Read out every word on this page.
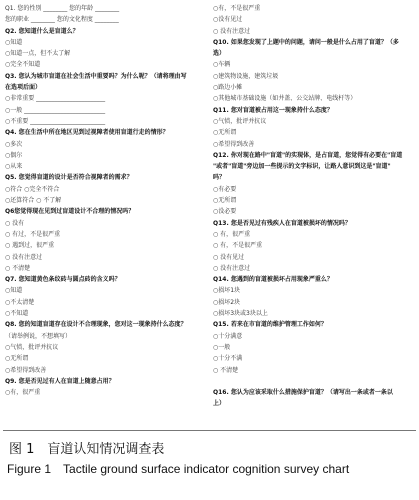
Q1. 您的性别 ________ 您的年龄 ________
您的职业 ________ 您的文化程度 ________
Q2. 您知道什么是盲道么？
○知道
○知道一点，但不太了解
○完全不知道
Q3. 您认为城市盲道在社会生活中重要吗？为什么呢？（请将理由写
在选项后面）
○非常重要 _______________________
○一般 ___________________________
○不重要 _________________________
Q4. 您在生活中所在地区见到过视障者使用盲道行走的情形？
○多次
○偶尔
○从来
Q5. 您觉得盲道的设计是否符合视障者的需求？
○符合 ○完全不符合
○还算符合 ○ 不了解
Q6您觉得现在见到过盲道设计不合理的情况吗？
○ 没有
○ 有过，不是很严重
○ 遇到过，很严重
○ 没有注意过
○ 不清楚
Q7. 您知道黄色条纹砖与圆点砖的含义吗？
○知道
○不太清楚
○不知道
Q8. 您的知道盲道存在设计不合理现象，您对这一现象持什么态度？
（请举例说，不想填写）
○气愤，批评并抗议
○无所谓
○希望得到改善
Q9. 您是否见过有人在盲道上随意占用？
○有，很严重
○有，不是很严重
○没有见过
○ 没有注意过
Q10. 如果您发现了上题中的问题，请问一般是什么占用了盲道？（多
选）
○车辆
○建筑物设施，建筑垃圾
○路边小摊
○其他城市基础设施（如井盖、公交站牌、电线杆等）
Q11. 您对盲道被占用这一现象持什么态度？
○气愤，批评并抗议
○无所谓
○希望得到改善
Q12. 你对现在路中"盲道"的实现体，是占盲道，您觉得有必要在"盲道
"或者"盲道"旁边加一些提示的文字标识，让路人意识到这是"盲道"
吗？
○有必要
○无所谓
○没必要
Q13. 您是否见过有残疾人在盲道被损坏的情况吗？
○ 有，很严重
○ 有，不是很严重
○ 没有见过
○ 没有注意过
Q14. 您遇到的盲道被损坏占用现象严重么？
○损坏1块
○损坏2块
○损坏3块或3块以上
Q15. 若来在市盲道的维护管理工作如何？
○十分满意
○一般
○十分不满
○ 不清楚
Q16. 您认为应该采取什么措施保护盲道？（请写出一条或者一条以
上）
图 1　盲道认知情况调查表
Figure 1　Tactile ground surface indicator cognition survey chart
